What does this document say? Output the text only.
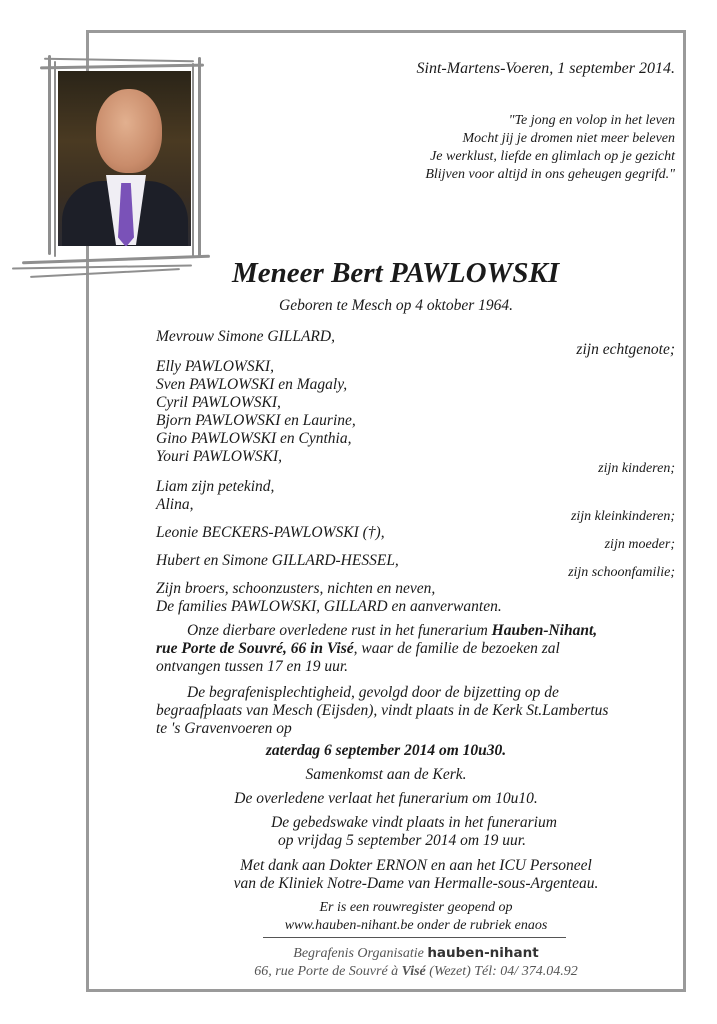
Sint-Martens-Voeren, 1 september 2014.
"Te jong en volop in het leven
Mocht jij je dromen niet meer beleven
Je werklust, liefde en glimlach op je gezicht
Blijven voor altijd in ons geheugen gegrifd."
Meneer Bert PAWLOWSKI
Geboren te Mesch op 4 oktober 1964.
Mevrouw Simone GILLARD,
zijn echtgenote;
Elly PAWLOWSKI,
Sven PAWLOWSKI en Magaly,
Cyril PAWLOWSKI,
Bjorn PAWLOWSKI en Laurine,
Gino PAWLOWSKI en Cynthia,
Youri PAWLOWSKI,
zijn kinderen;
Liam zijn petekind,
Alina,
zijn kleinkinderen;
Leonie BECKERS-PAWLOWSKI (†),
zijn moeder;
Hubert en Simone GILLARD-HESSEL,
zijn schoonfamilie;
Zijn broers, schoonzusters, nichten en neven,
De families PAWLOWSKI, GILLARD en aanverwanten.
Onze dierbare overledene rust in het funerarium Hauben-Nihant,
rue Porte de Souvré, 66 in Visé, waar de familie de bezoeken zal
ontvangen tussen 17 en 19 uur.
De begrafenisplechtigheid, gevolgd door de bijzetting op de
begraafplaats van Mesch (Eijsden), vindt plaats in de Kerk St.Lambertus
te 's Gravenvoeren op
zaterdag 6 september 2014 om 10u30.
Samenkomst aan de Kerk.
De overledene verlaat het funerarium om 10u10.
De gebedswake vindt plaats in het funerarium
op vrijdag 5 september 2014 om 19 uur.
Met dank aan Dokter ERNON en aan het ICU Personeel
van de Kliniek Notre-Dame van Hermalle-sous-Argenteau.
Er is een rouwregister geopend op
www.hauben-nihant.be onder de rubriek enaos
Begrafenis Organisatie hauben-nihant
66, rue Porte de Souvré à Visé (Wezet) Tél: 04/ 374.04.92
